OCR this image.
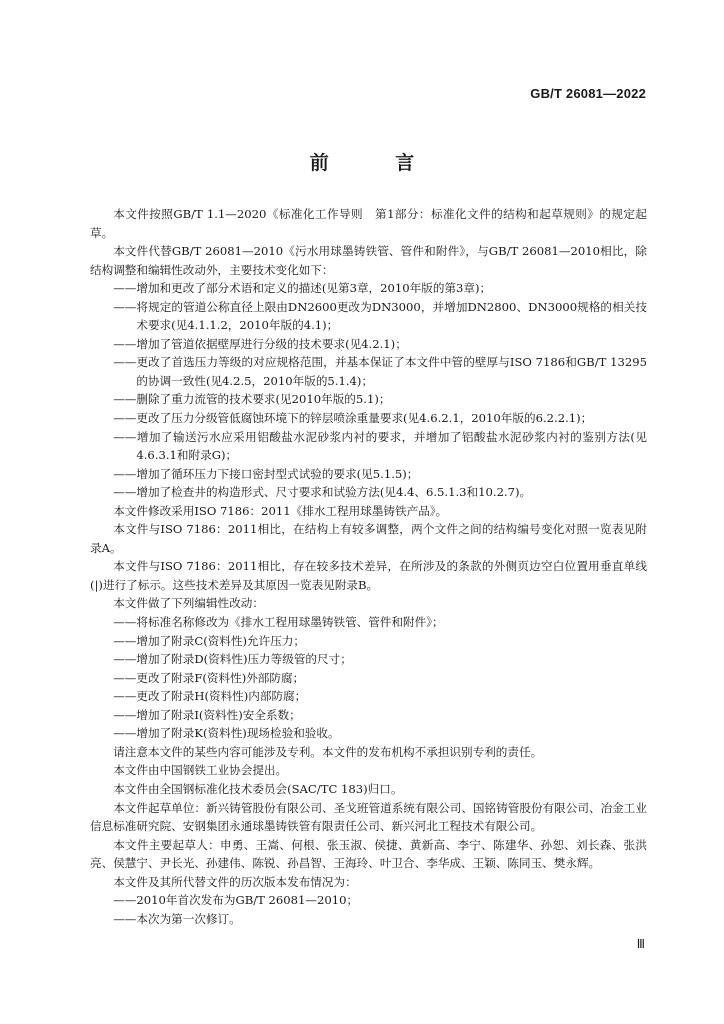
GB/T 26081—2022
前 言

本文件按照GB/T 1.1—2020《标准化工作导则　第1部分：标准化文件的结构和起草规则》的规定起草。

本文件代替GB/T 26081—2010《污水用球墨铸铁管、管件和附件》，与GB/T 26081—2010相比，除结构调整和编辑性改动外，主要技术变化如下：

——增加和更改了部分术语和定义的描述(见第3章，2010年版的第3章)；

——将规定的管道公称直径上限由DN2600更改为DN3000，并增加DN2800、DN3000规格的相关技术要求(见4.1.1.2，2010年版的4.1)；

——增加了管道依据壁厚进行分级的技术要求(见4.2.1)；

——更改了首选压力等级的对应规格范围，并基本保证了本文件中管的壁厚与ISO 7186和GB/T 13295的协调一致性(见4.2.5，2010年版的5.1.4)；

——删除了重力流管的技术要求(见2010年版的5.1)；

——更改了压力分级管低腐蚀环境下的锌层喷涂重量要求(见4.6.2.1，2010年版的6.2.2.1)；

——增加了输送污水应采用铝酸盐水泥砂浆内衬的要求，并增加了铝酸盐水泥砂浆内衬的鉴别方法(见4.6.3.1和附录G)；

——增加了循环压力下接口密封型式试验的要求(见5.1.5)；

——增加了检查井的构造形式、尺寸要求和试验方法(见4.4、6.5.1.3和10.2.7)。

本文件修改采用ISO 7186：2011《排水工程用球墨铸铁产品》。

本文件与ISO 7186：2011相比，在结构上有较多调整，两个文件之间的结构编号变化对照一览表见附录A。

本文件与ISO 7186：2011相比，存在较多技术差异，在所涉及的条款的外侧页边空白位置用垂直单线(|)进行了标示。这些技术差异及其原因一览表见附录B。

本文件做了下列编辑性改动：

——将标准名称修改为《排水工程用球墨铸铁管、管件和附件》；

——增加了附录C(资料性)允许压力；

——增加了附录D(资料性)压力等级管的尺寸；

——更改了附录F(资料性)外部防腐；

——更改了附录H(资料性)内部防腐；

——增加了附录I(资料性)安全系数；

——增加了附录K(资料性)现场检验和验收。

请注意本文件的某些内容可能涉及专利。本文件的发布机构不承担识别专利的责任。

本文件由中国钢铁工业协会提出。

本文件由全国钢标准化技术委员会(SAC/TC 183)归口。

本文件起草单位：新兴铸管股份有限公司、圣戈班管道系统有限公司、国铭铸管股份有限公司、冶金工业信息标准研究院、安钢集团永通球墨铸铁管有限责任公司、新兴河北工程技术有限公司。

本文件主要起草人：申勇、王嵩、何根、张玉淑、侯捷、黄新高、李宁、陈建华、孙恕、刘长森、张洪亮、侯慧宁、尹长光、孙建伟、陈锐、孙昌智、王海玲、叶卫合、李华成、王颖、陈同玉、樊永辉。

本文件及其所代替文件的历次版本发布情况为：

——2010年首次发布为GB/T 26081—2010；

——本次为第一次修订。

Ⅲ
